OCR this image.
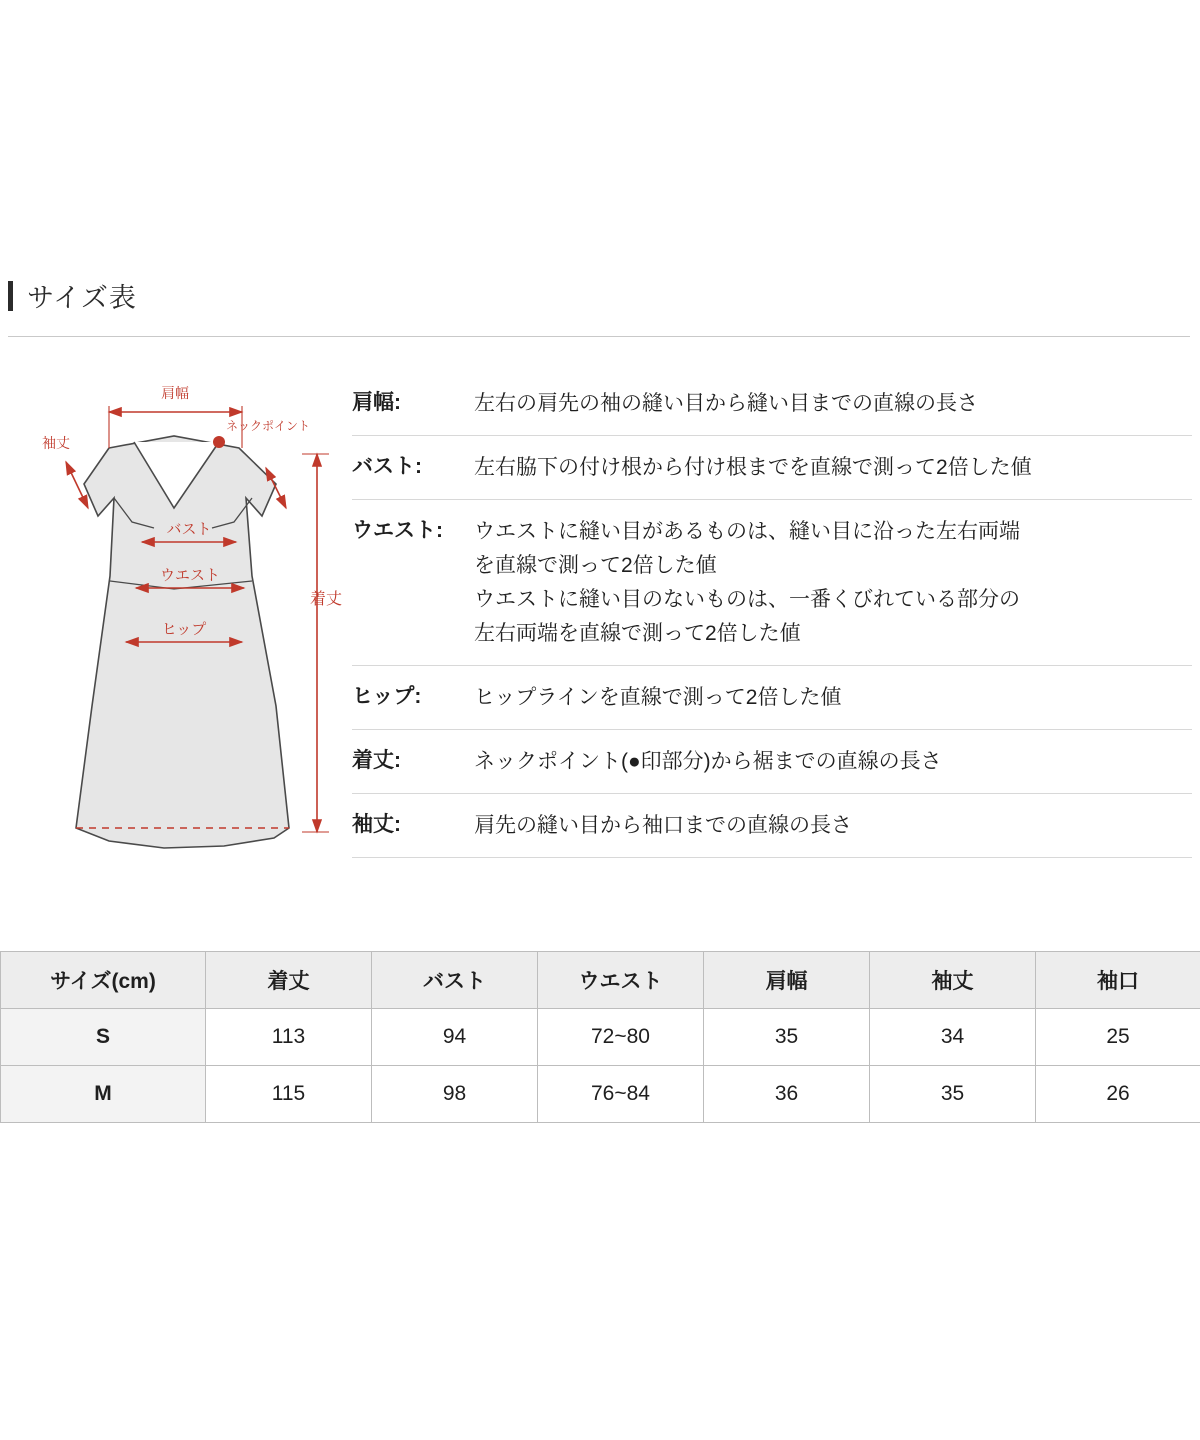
サイズ表
肩幅
ネックポイント
袖丈
バスト
ウエスト
ヒップ
着丈
肩幅:	左右の肩先の袖の縫い目から縫い目までの直線の長さ
バスト:	左右脇下の付け根から付け根までを直線で測って2倍した値
ウエスト:	ウエストに縫い目があるものは、縫い目に沿った左右両端
を直線で測って2倍した値
ウエストに縫い目のないものは、一番くびれている部分の
左右両端を直線で測って2倍した値
ヒップ:	ヒップラインを直線で測って2倍した値
着丈:	ネックポイント(●印部分)から裾までの直線の長さ
袖丈:	肩先の縫い目から袖口までの直線の長さ
サイズ(cm)	着丈	バスト	ウエスト	肩幅	袖丈	袖口
S	113	94	72~80	35	34	25
M	115	98	76~84	36	35	26
